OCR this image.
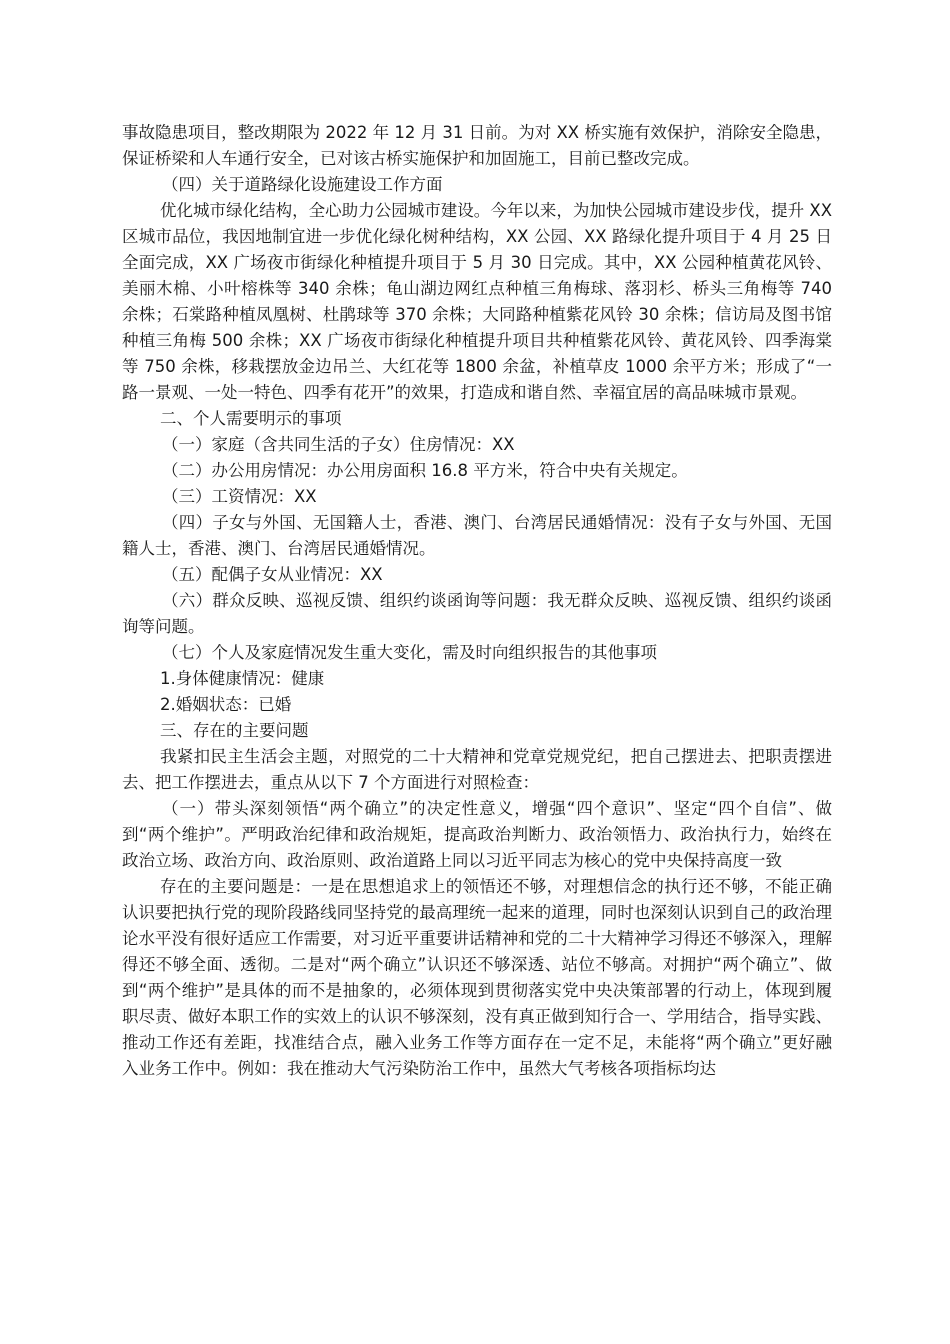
事故隐患项目，整改期限为 2022 年 12 月 31 日前。为对 XX 桥实施有效保护，消除安全隐患，保证桥梁和人车通行安全，已对该古桥实施保护和加固施工，目前已整改完成。

（四）关于道路绿化设施建设工作方面

优化城市绿化结构，全心助力公园城市建设。今年以来，为加快公园城市建设步伐，提升 XX 区城市品位，我因地制宜进一步优化绿化树种结构，XX 公园、XX 路绿化提升项目于 4 月 25 日全面完成，XX 广场夜市街绿化种植提升项目于 5 月 30 日完成。其中，XX 公园种植黄花风铃、美丽木棉、小叶榕株等 340 余株；龟山湖边网红点种植三角梅球、落羽杉、桥头三角梅等 740 余株；石棠路种植凤凰树、杜鹃球等 370 余株；大同路种植紫花风铃 30 余株；信访局及图书馆种植三角梅 500 余株；XX 广场夜市街绿化种植提升项目共种植紫花风铃、黄花风铃、四季海棠等 750 余株，移栽摆放金边吊兰、大红花等 1800 余盆，补植草皮 1000 余平方米；形成了“一路一景观、一处一特色、四季有花开”的效果，打造成和谐自然、幸福宜居的高品味城市景观。

二、个人需要明示的事项

（一）家庭（含共同生活的子女）住房情况：XX

（二）办公用房情况：办公用房面积 16.8 平方米，符合中央有关规定。

（三）工资情况：XX

（四）子女与外国、无国籍人士，香港、澳门、台湾居民通婚情况：没有子女与外国、无国籍人士，香港、澳门、台湾居民通婚情况。

（五）配偶子女从业情况：XX

（六）群众反映、巡视反馈、组织约谈函询等问题：我无群众反映、巡视反馈、组织约谈函询等问题。

（七）个人及家庭情况发生重大变化，需及时向组织报告的其他事项

1.身体健康情况：健康

2.婚姻状态：已婚

三、存在的主要问题

我紧扣民主生活会主题，对照党的二十大精神和党章党规党纪，把自己摆进去、把职责摆进去、把工作摆进去，重点从以下 7 个方面进行对照检查：

（一）带头深刻领悟“两个确立”的决定性意义，增强“四个意识”、坚定“四个自信”、做到“两个维护”。严明政治纪律和政治规矩，提高政治判断力、政治领悟力、政治执行力，始终在政治立场、政治方向、政治原则、政治道路上同以习近平同志为核心的党中央保持高度一致

存在的主要问题是：一是在思想追求上的领悟还不够，对理想信念的执行还不够，不能正确认识要把执行党的现阶段路线同坚持党的最高理统一起来的道理，同时也深刻认识到自己的政治理论水平没有很好适应工作需要，对习近平重要讲话精神和党的二十大精神学习得还不够深入，理解得还不够全面、透彻。二是对“两个确立”认识还不够深透、站位不够高。对拥护“两个确立”、做到“两个维护”是具体的而不是抽象的，必须体现到贯彻落实党中央决策部署的行动上，体现到履职尽责、做好本职工作的实效上的认识不够深刻，没有真正做到知行合一、学用结合，指导实践、推动工作还有差距，找准结合点，融入业务工作等方面存在一定不足，未能将“两个确立”更好融入业务工作中。例如：我在推动大气污染防治工作中，虽然大气考核各项指标均达
